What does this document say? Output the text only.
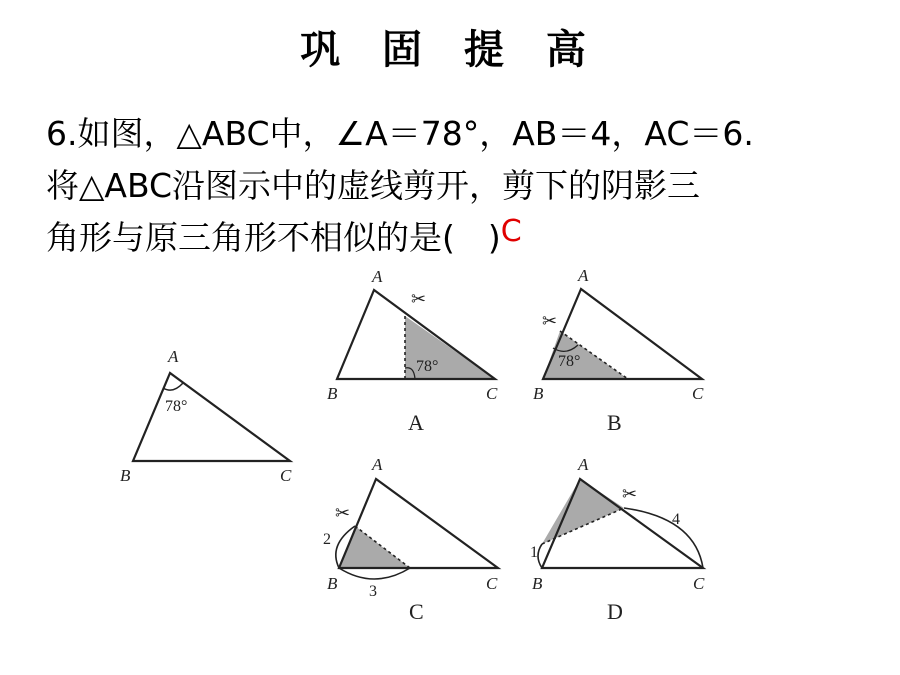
巩 固 提 高
6.如图，△ABC中，∠A＝78°，AB＝4，AC＝6.
将△ABC沿图示中的虚线剪开，剪下的阴影三
角形与原三角形不相似的是(　)C
A
B	C
78°
78°
✂
A
B	C
A
78°
✂
A
B	C
B
2
3
✂
A
B	C
C
1
4
✂
A
B	C
D
